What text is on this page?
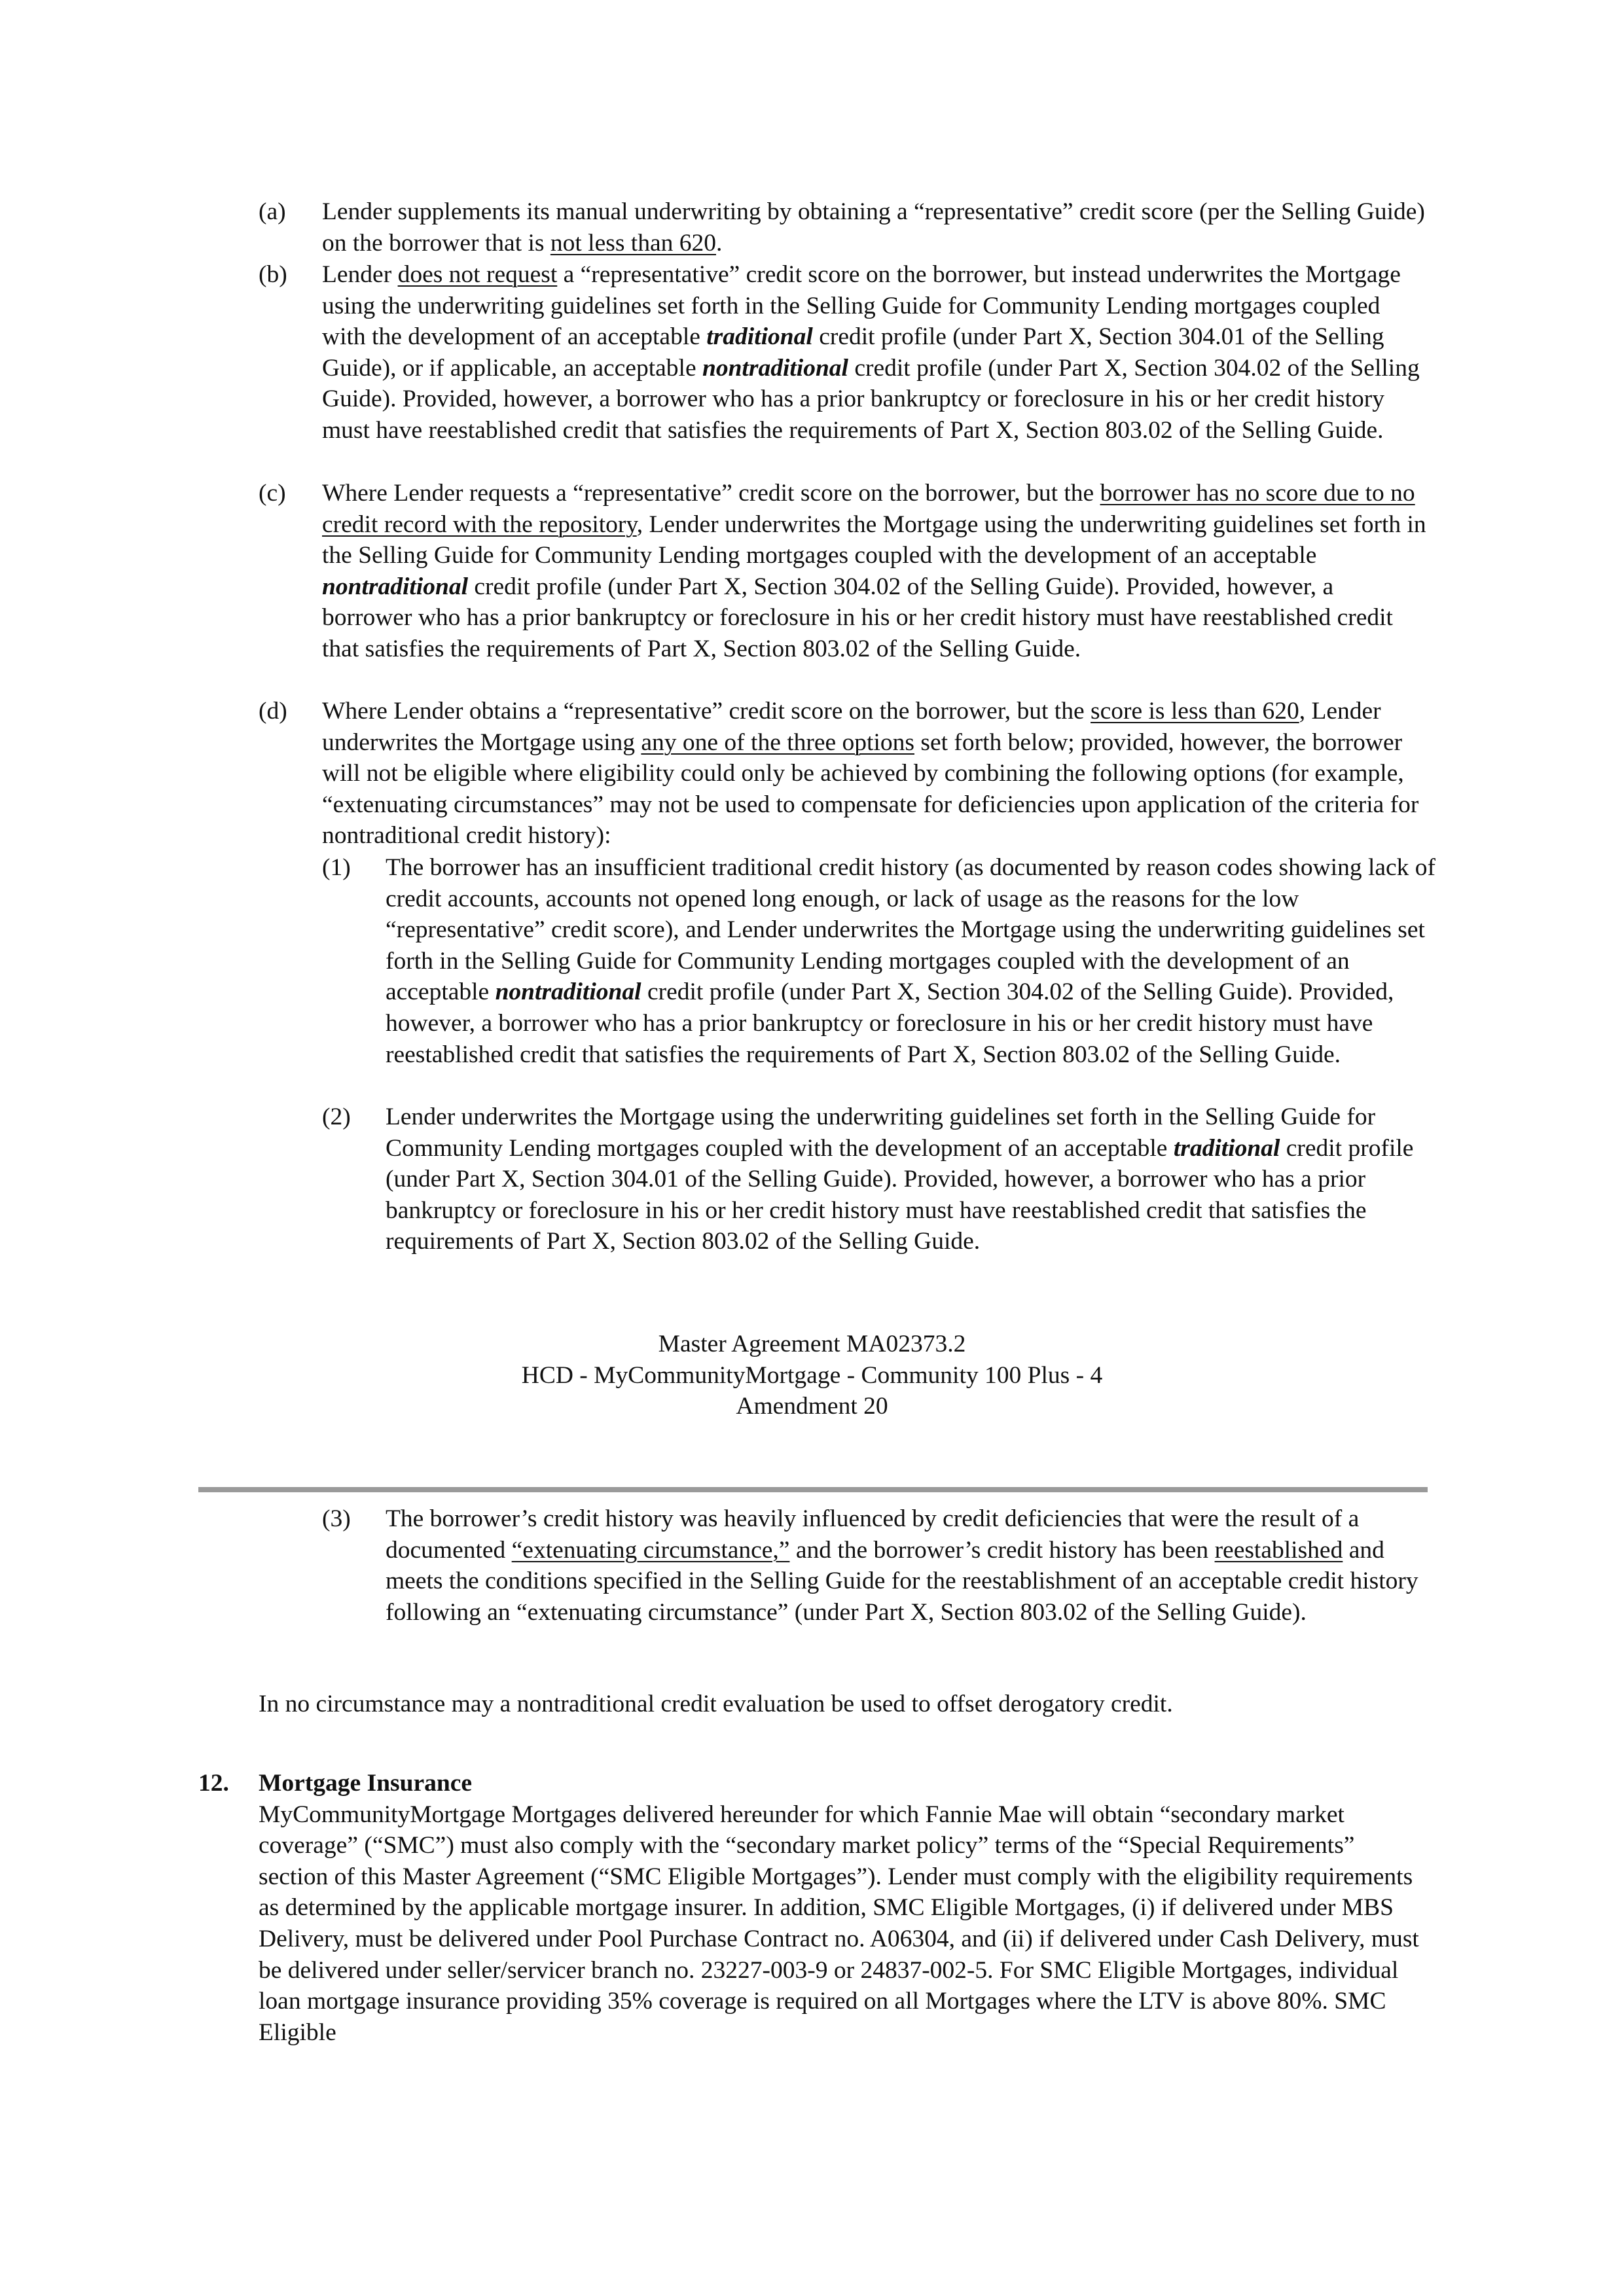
(a) Lender supplements its manual underwriting by obtaining a “representative” credit score (per the Selling Guide) on the borrower that is not less than 620.
(b) Lender does not request a “representative” credit score on the borrower, but instead underwrites the Mortgage using the underwriting guidelines set forth in the Selling Guide for Community Lending mortgages coupled with the development of an acceptable traditional credit profile (under Part X, Section 304.01 of the Selling Guide), or if applicable, an acceptable nontraditional credit profile (under Part X, Section 304.02 of the Selling Guide). Provided, however, a borrower who has a prior bankruptcy or foreclosure in his or her credit history must have reestablished credit that satisfies the requirements of Part X, Section 803.02 of the Selling Guide.
(c) Where Lender requests a “representative” credit score on the borrower, but the borrower has no score due to no credit record with the repository, Lender underwrites the Mortgage using the underwriting guidelines set forth in the Selling Guide for Community Lending mortgages coupled with the development of an acceptable nontraditional credit profile (under Part X, Section 304.02 of the Selling Guide). Provided, however, a borrower who has a prior bankruptcy or foreclosure in his or her credit history must have reestablished credit that satisfies the requirements of Part X, Section 803.02 of the Selling Guide.
(d) Where Lender obtains a “representative” credit score on the borrower, but the score is less than 620, Lender underwrites the Mortgage using any one of the three options set forth below; provided, however, the borrower will not be eligible where eligibility could only be achieved by combining the following options (for example, “extenuating circumstances” may not be used to compensate for deficiencies upon application of the criteria for nontraditional credit history):
(1) The borrower has an insufficient traditional credit history (as documented by reason codes showing lack of credit accounts, accounts not opened long enough, or lack of usage as the reasons for the low “representative” credit score), and Lender underwrites the Mortgage using the underwriting guidelines set forth in the Selling Guide for Community Lending mortgages coupled with the development of an acceptable nontraditional credit profile (under Part X, Section 304.02 of the Selling Guide). Provided, however, a borrower who has a prior bankruptcy or foreclosure in his or her credit history must have reestablished credit that satisfies the requirements of Part X, Section 803.02 of the Selling Guide.
(2) Lender underwrites the Mortgage using the underwriting guidelines set forth in the Selling Guide for Community Lending mortgages coupled with the development of an acceptable traditional credit profile (under Part X, Section 304.01 of the Selling Guide). Provided, however, a borrower who has a prior bankruptcy or foreclosure in his or her credit history must have reestablished credit that satisfies the requirements of Part X, Section 803.02 of the Selling Guide.
Master Agreement MA02373.2
HCD - MyCommunityMortgage - Community 100 Plus - 4
Amendment 20
(3) The borrower’s credit history was heavily influenced by credit deficiencies that were the result of a documented “extenuating circumstance,” and the borrower’s credit history has been reestablished and meets the conditions specified in the Selling Guide for the reestablishment of an acceptable credit history following an “extenuating circumstance” (under Part X, Section 803.02 of the Selling Guide).
In no circumstance may a nontraditional credit evaluation be used to offset derogatory credit.
12. Mortgage Insurance
MyCommunityMortgage Mortgages delivered hereunder for which Fannie Mae will obtain “secondary market coverage” (“SMC”) must also comply with the “secondary market policy” terms of the “Special Requirements” section of this Master Agreement (“SMC Eligible Mortgages”). Lender must comply with the eligibility requirements as determined by the applicable mortgage insurer. In addition, SMC Eligible Mortgages, (i) if delivered under MBS Delivery, must be delivered under Pool Purchase Contract no. A06304, and (ii) if delivered under Cash Delivery, must be delivered under seller/servicer branch no. 23227-003-9 or 24837-002-5. For SMC Eligible Mortgages, individual loan mortgage insurance providing 35% coverage is required on all Mortgages where the LTV is above 80%. SMC Eligible
